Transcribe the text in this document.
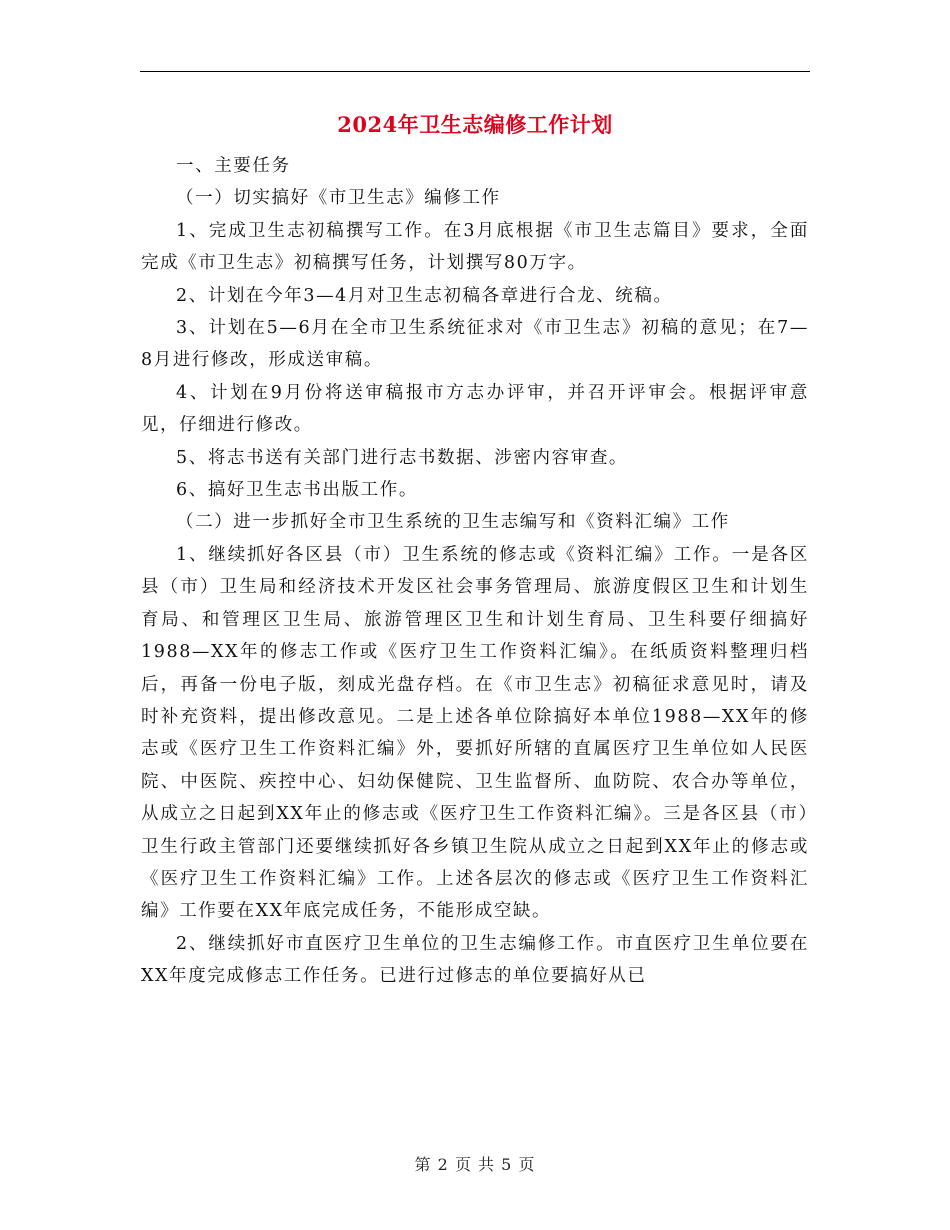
2024年卫生志编修工作计划

一、主要任务

（一）切实搞好《市卫生志》编修工作

1、完成卫生志初稿撰写工作。在3月底根据《市卫生志篇目》要求，全面完成《市卫生志》初稿撰写任务，计划撰写80万字。

2、计划在今年3—4月对卫生志初稿各章进行合龙、统稿。

3、计划在5—6月在全市卫生系统征求对《市卫生志》初稿的意见；在7—8月进行修改，形成送审稿。

4、计划在9月份将送审稿报市方志办评审，并召开评审会。根据评审意见，仔细进行修改。

5、将志书送有关部门进行志书数据、涉密内容审查。

6、搞好卫生志书出版工作。

（二）进一步抓好全市卫生系统的卫生志编写和《资料汇编》工作

1、继续抓好各区县（市）卫生系统的修志或《资料汇编》工作。一是各区县（市）卫生局和经济技术开发区社会事务管理局、旅游度假区卫生和计划生育局、和管理区卫生局、旅游管理区卫生和计划生育局、卫生科要仔细搞好1988—XX年的修志工作或《医疗卫生工作资料汇编》。在纸质资料整理归档后，再备一份电子版，刻成光盘存档。在《市卫生志》初稿征求意见时，请及时补充资料，提出修改意见。二是上述各单位除搞好本单位1988—XX年的修志或《医疗卫生工作资料汇编》外，要抓好所辖的直属医疗卫生单位如人民医院、中医院、疾控中心、妇幼保健院、卫生监督所、血防院、农合办等单位，从成立之日起到XX年止的修志或《医疗卫生工作资料汇编》。三是各区县（市）卫生行政主管部门还要继续抓好各乡镇卫生院从成立之日起到XX年止的修志或《医疗卫生工作资料汇编》工作。上述各层次的修志或《医疗卫生工作资料汇编》工作要在XX年底完成任务，不能形成空缺。

2、继续抓好市直医疗卫生单位的卫生志编修工作。市直医疗卫生单位要在XX年度完成修志工作任务。已进行过修志的单位要搞好从已

第 2 页 共 5 页
